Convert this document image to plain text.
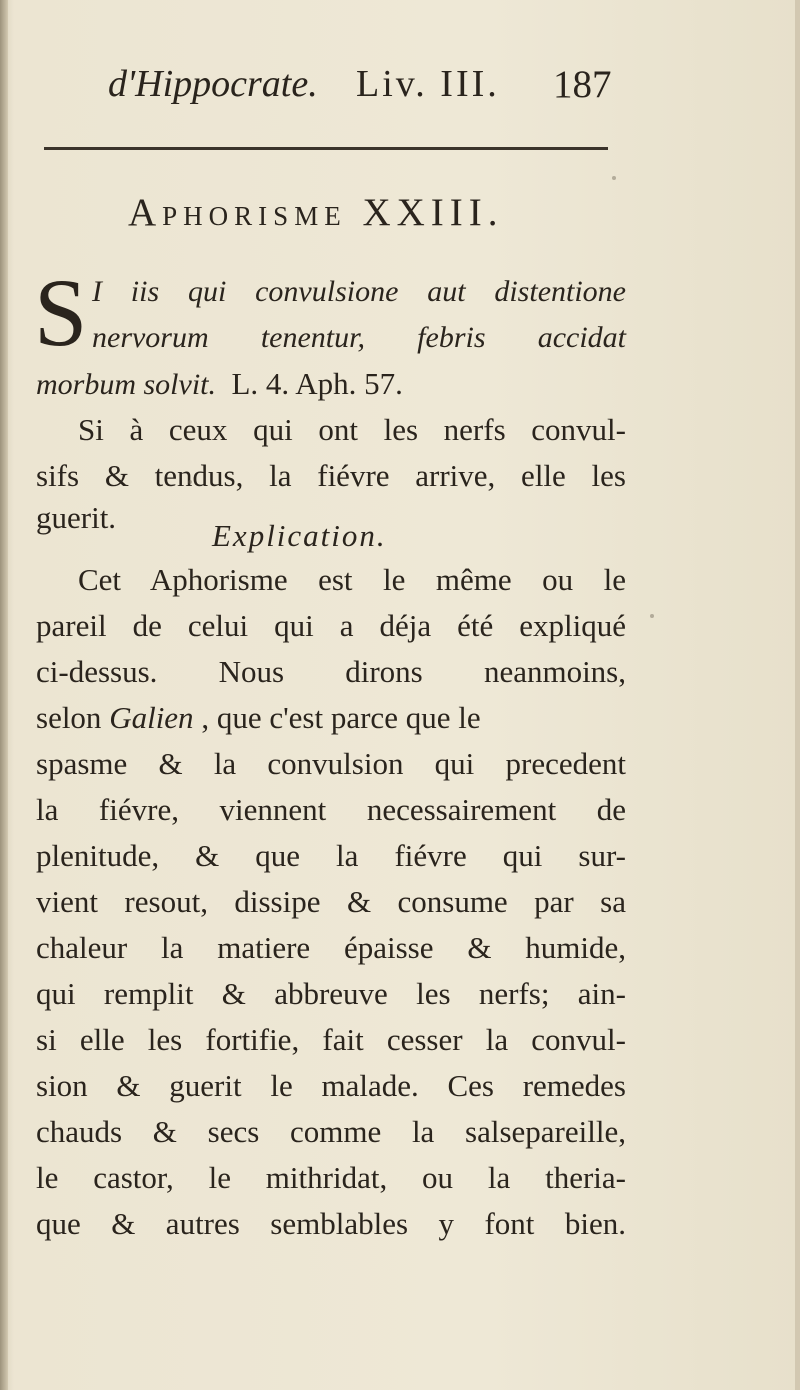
d'Hippocrate. Liv. III. 187
Aphorisme XXIII.
S I iis qui convulsione aut distentione
nervorum tenentur, febris accidat
morbum solvit. L. 4. Aph. 57.
Si à ceux qui ont les nerfs convul-
sifs & tendus, la fiévre arrive, elle les
guerit.
Explication.
Cet Aphorisme est le même ou le
pareil de celui qui a déja été expliqué
ci-dessus. Nous dirons neanmoins,
selon Galien , que c'est parce que le
spasme & la convulsion qui precedent
la fiévre, viennent necessairement de
plenitude, & que la fiévre qui sur-
vient resout, dissipe & consume par sa
chaleur la matiere épaisse & humide,
qui remplit & abbreuve les nerfs; ain-
si elle les fortifie, fait cesser la convul-
sion & guerit le malade. Ces remedes
chauds & secs comme la salsepareille,
le castor, le mithridat, ou la theria-
que & autres semblables y font bien.
